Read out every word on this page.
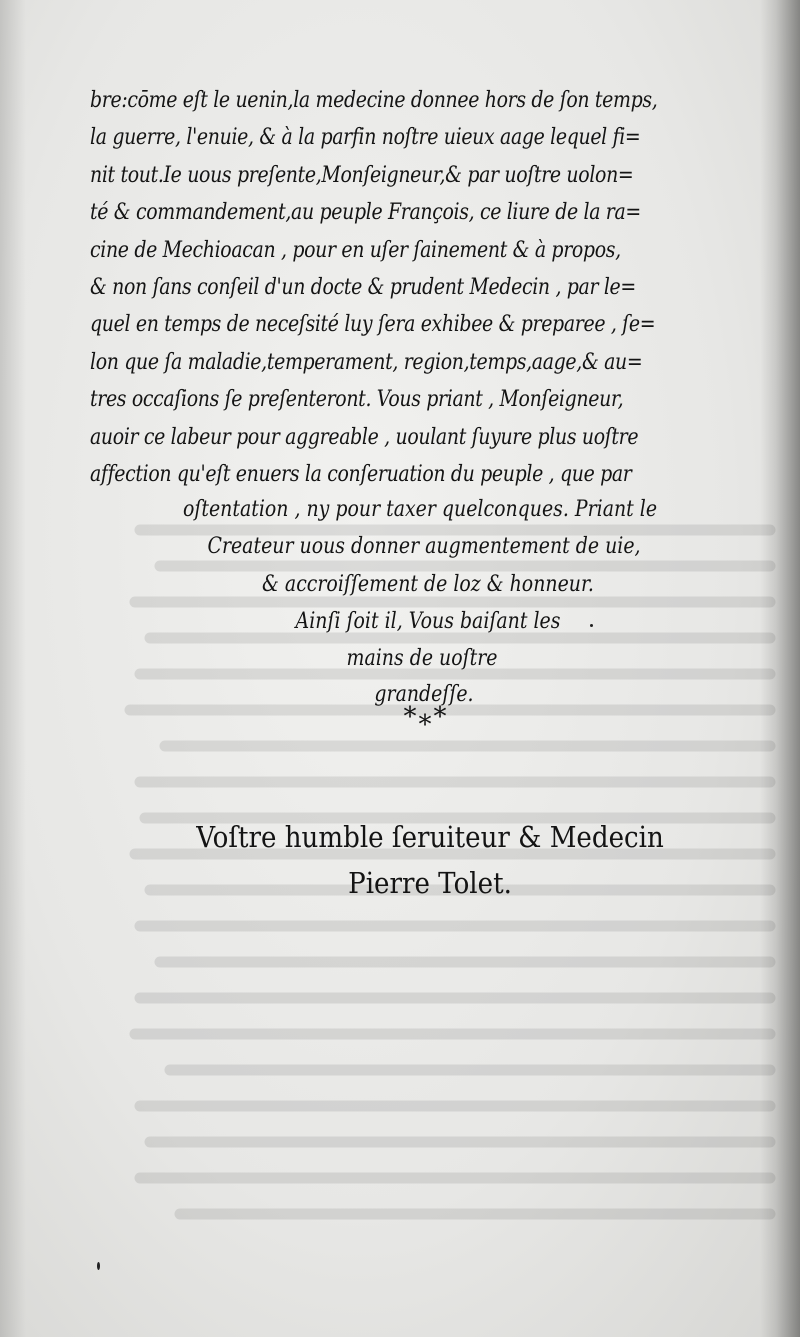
bre:cōme eſt le uenin,la medecine donnee hors de ſon temps,
la guerre, l'enuie, & à la parfin noſtre uieux aage lequel fi=
nit tout.Ie uous preſente,Monſeigneur,& par uoſtre uolon=
té & commandement,au peuple François, ce liure de la ra=
cine de Mechioacan , pour en uſer ſainement & à propos,
& non ſans conſeil d'un docte & prudent Medecin , par le=
quel en temps de neceſsité luy ſera exhibee & preparee , ſe=
lon que ſa maladie,temperament, region,temps,aage,& au=
tres occaſions ſe preſenteront. Vous priant , Monſeigneur,
auoir ce labeur pour aggreable , uoulant ſuyure plus uoſtre
affection qu'eſt enuers la conſeruation du peuple , que par
oſtentation , ny pour taxer quelconques. Priant le
Createur uous donner augmentement de uie,
& accroiſſement de loz & honneur.
Ainſi ſoit il, Vous baiſant les
mains de uoſtre
grandeſſe.
*⁎*
Voſtre humble ſeruiteur & Medecin
Pierre Tolet.
